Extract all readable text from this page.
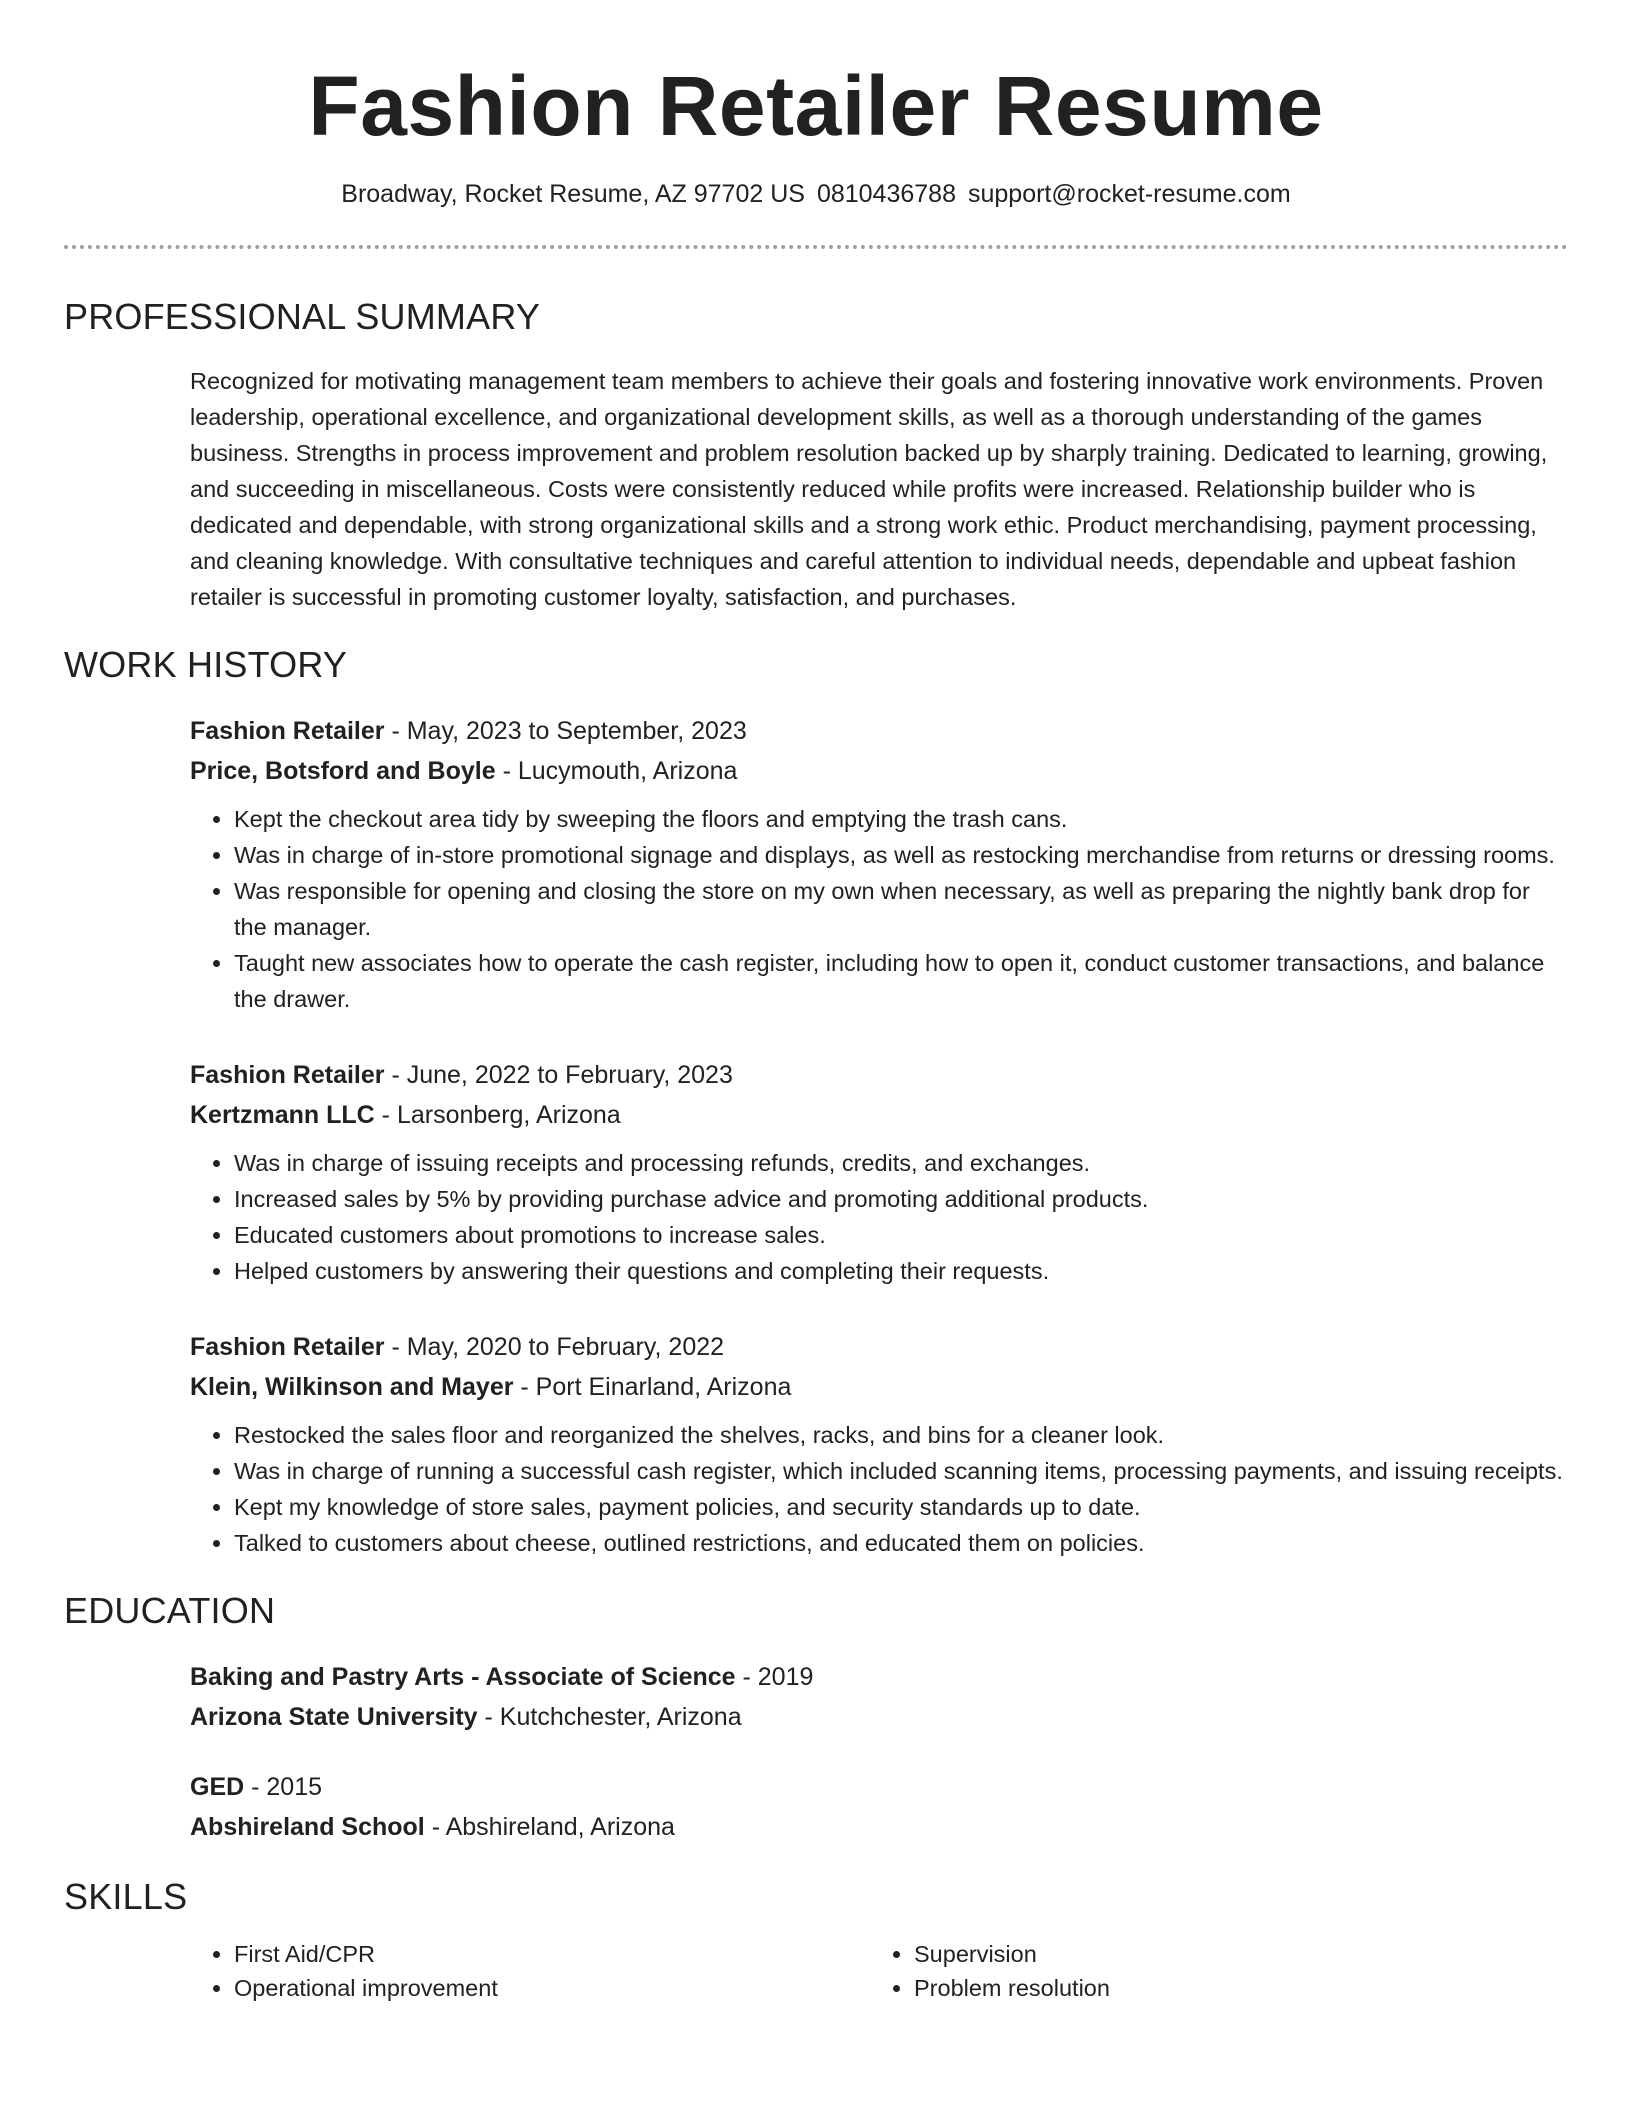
Fashion Retailer Resume
Broadway, Rocket Resume, AZ 97702 US 0810436788 support@rocket-resume.com
PROFESSIONAL SUMMARY

Recognized for motivating management team members to achieve their goals and fostering innovative work environments. Proven leadership, operational excellence, and organizational development skills, as well as a thorough understanding of the games business. Strengths in process improvement and problem resolution backed up by sharply training. Dedicated to learning, growing, and succeeding in miscellaneous. Costs were consistently reduced while profits were increased. Relationship builder who is dedicated and dependable, with strong organizational skills and a strong work ethic. Product merchandising, payment processing, and cleaning knowledge. With consultative techniques and careful attention to individual needs, dependable and upbeat fashion retailer is successful in promoting customer loyalty, satisfaction, and purchases.

WORK HISTORY
Fashion Retailer - May, 2023 to September, 2023
Price, Botsford and Boyle - Lucymouth, Arizona
• Kept the checkout area tidy by sweeping the floors and emptying the trash cans.
• Was in charge of in-store promotional signage and displays, as well as restocking merchandise from returns or dressing rooms.
• Was responsible for opening and closing the store on my own when necessary, as well as preparing the nightly bank drop for the manager.
• Taught new associates how to operate the cash register, including how to open it, conduct customer transactions, and balance the drawer.
Fashion Retailer - June, 2022 to February, 2023
Kertzmann LLC - Larsonberg, Arizona
• Was in charge of issuing receipts and processing refunds, credits, and exchanges.
• Increased sales by 5% by providing purchase advice and promoting additional products.
• Educated customers about promotions to increase sales.
• Helped customers by answering their questions and completing their requests.
Fashion Retailer - May, 2020 to February, 2022
Klein, Wilkinson and Mayer - Port Einarland, Arizona
• Restocked the sales floor and reorganized the shelves, racks, and bins for a cleaner look.
• Was in charge of running a successful cash register, which included scanning items, processing payments, and issuing receipts.
• Kept my knowledge of store sales, payment policies, and security standards up to date.
• Talked to customers about cheese, outlined restrictions, and educated them on policies.
EDUCATION
Baking and Pastry Arts - Associate of Science - 2019
Arizona State University - Kutchchester, Arizona
GED - 2015
Abshireland School - Abshireland, Arizona
SKILLS
• First Aid/CPR
• Operational improvement
• Supervision
• Problem resolution
